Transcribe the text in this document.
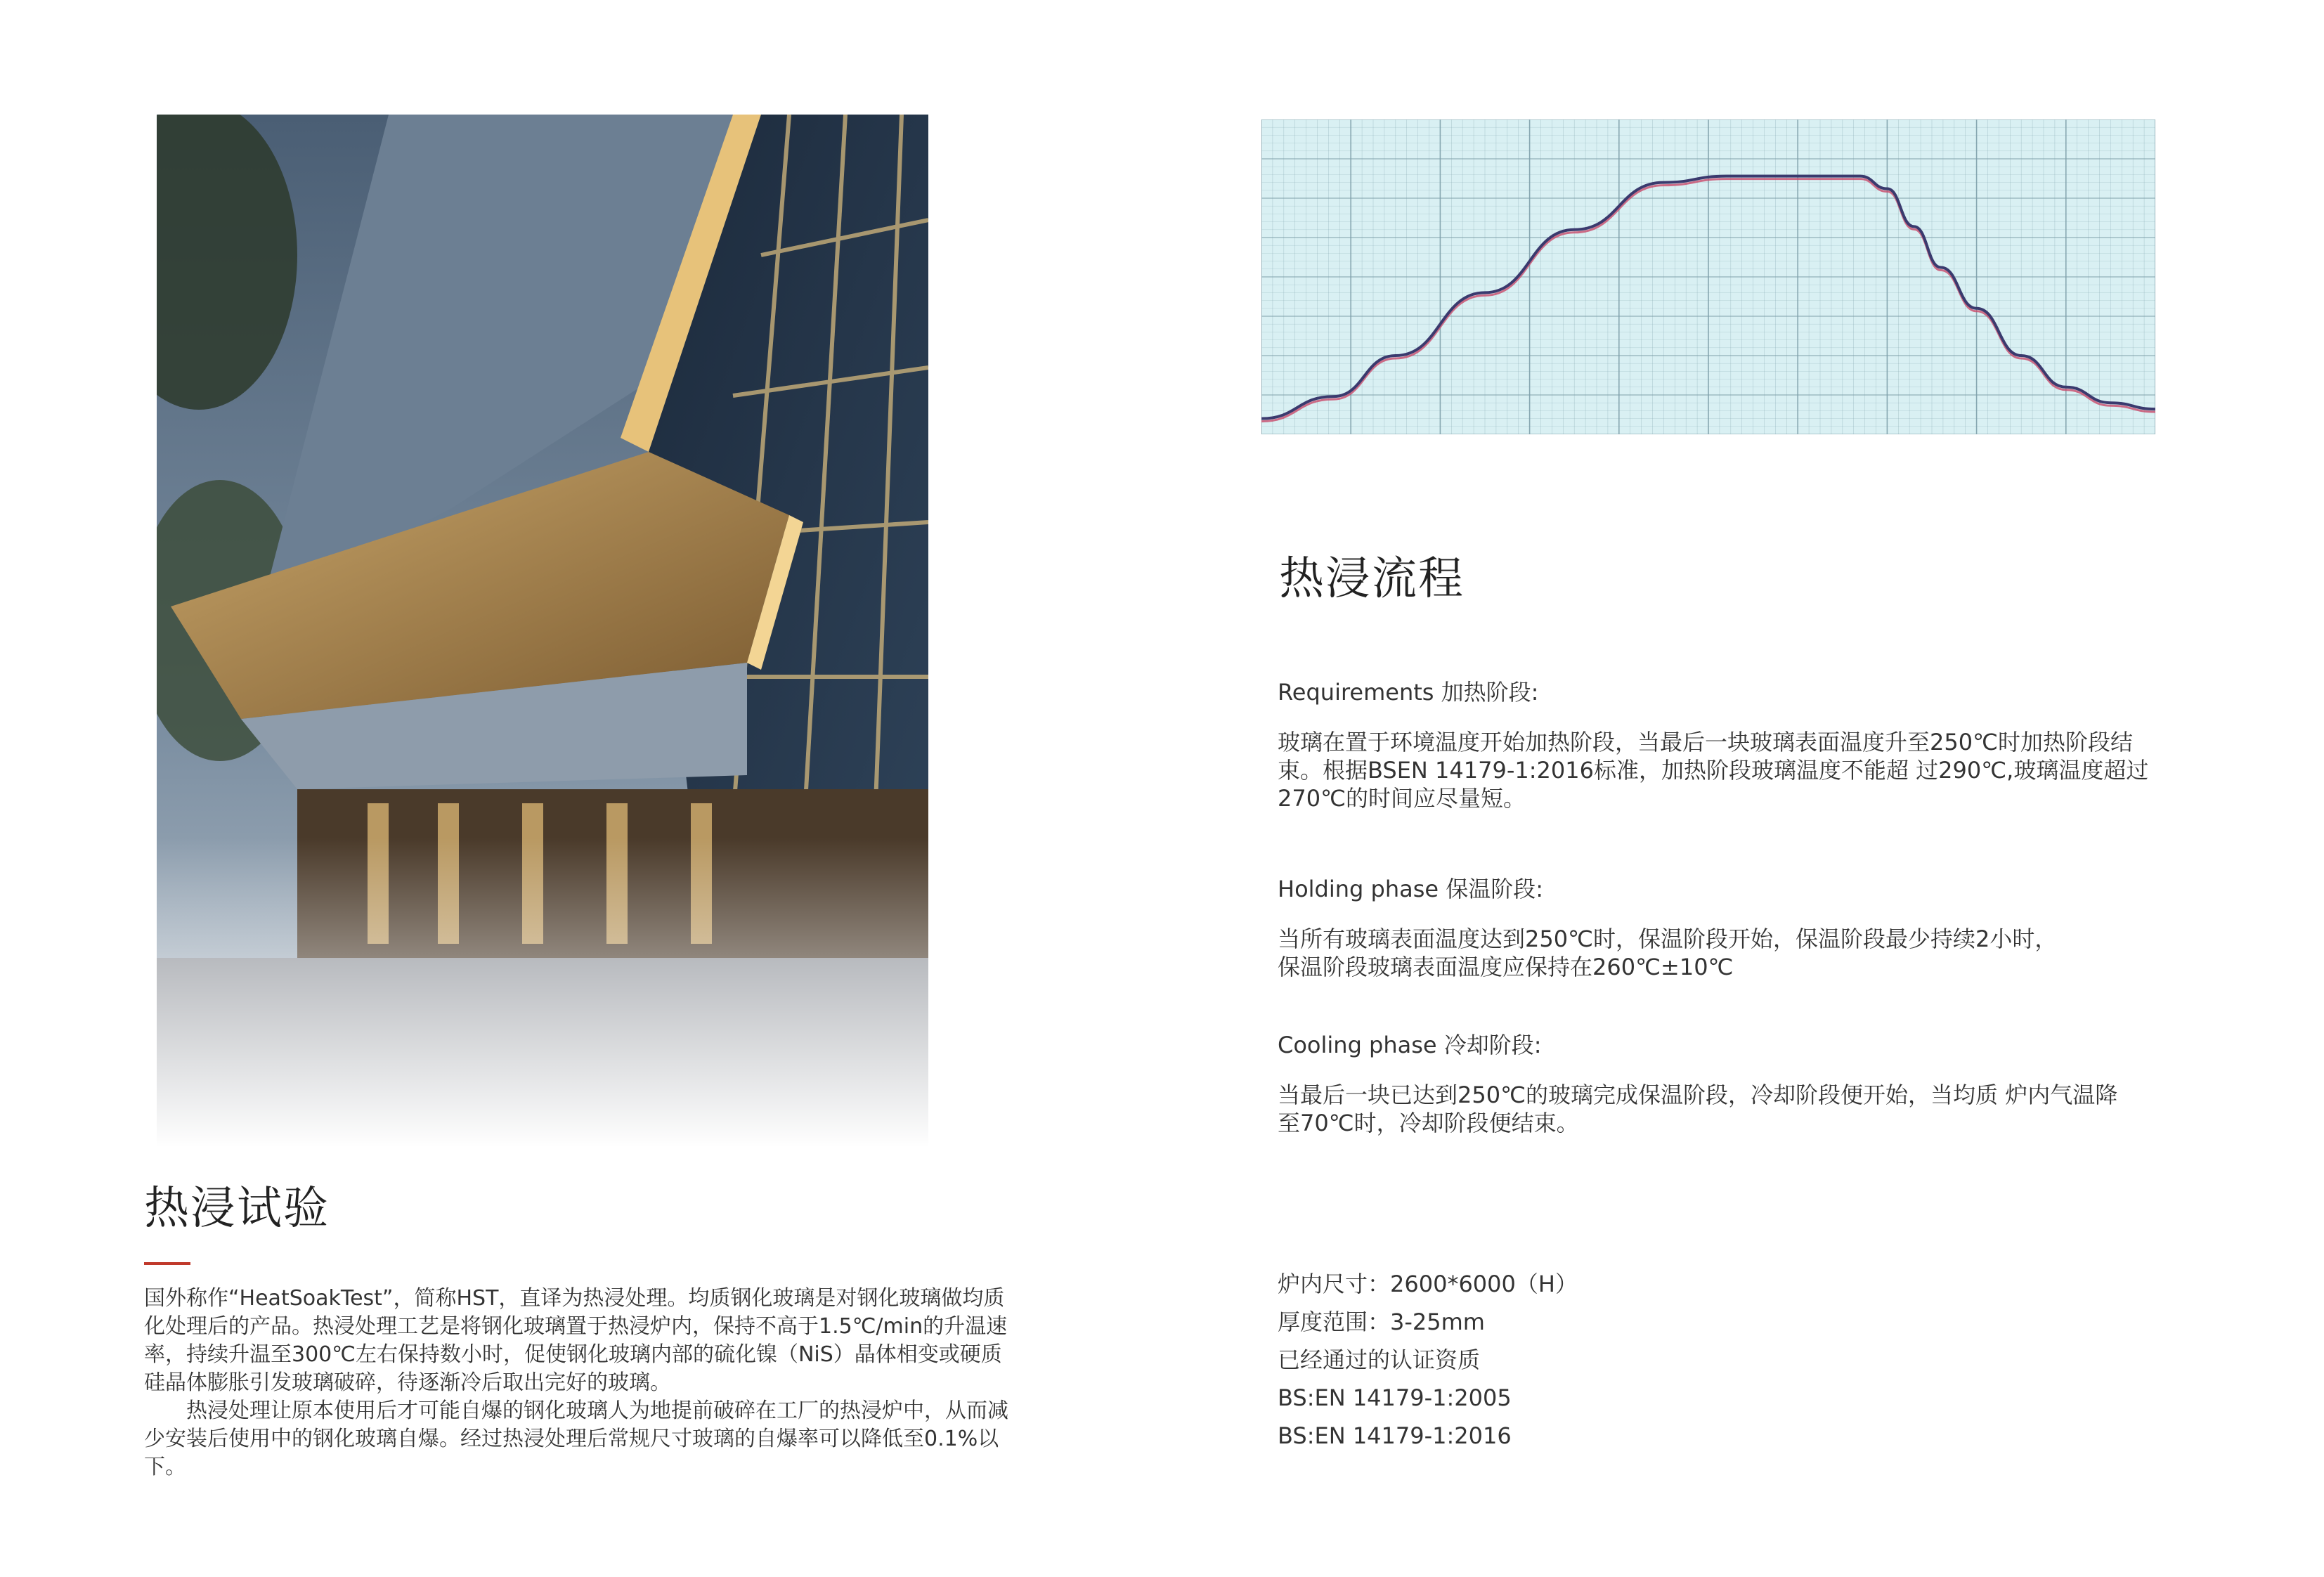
热浸试验

国外称作“HeatSoakTest”，简称HST，直译为热浸处理。均质钢化玻璃是对钢化玻璃做均质化处理后的产品。热浸处理工艺是将钢化玻璃置于热浸炉内，保持不高于1.5℃/min的升温速率，持续升温至300℃左右保持数小时，促使钢化玻璃内部的硫化镍（NiS）晶体相变或硬质硅晶体膨胀引发玻璃破碎，待逐渐冷后取出完好的玻璃。

热浸处理让原本使用后才可能自爆的钢化玻璃人为地提前破碎在工厂的热浸炉中，从而减少安装后使用中的钢化玻璃自爆。经过热浸处理后常规尺寸玻璃的自爆率可以降低至0.1%以下。

热浸流程
Requirements 加热阶段:
玻璃在置于环境温度开始加热阶段，当最后一块玻璃表面温度升至250℃时加热阶段结束。根据BSEN 14179-1:2016标准，加热阶段玻璃温度不能超 过290℃,玻璃温度超过270℃的时间应尽量短。
Holding phase 保温阶段:
当所有玻璃表面温度达到250℃时，保温阶段开始，保温阶段最少持续2小时，保温阶段玻璃表面温度应保持在260℃±10℃
Cooling phase 冷却阶段:
当最后一块已达到250℃的玻璃完成保温阶段，冷却阶段便开始，当均质 炉内气温降至70℃时，冷却阶段便结束。
炉内尺寸：2600*6000（H）
厚度范围：3-25mm
已经通过的认证资质
BS:EN 14179-1:2005
BS:EN 14179-1:2016
